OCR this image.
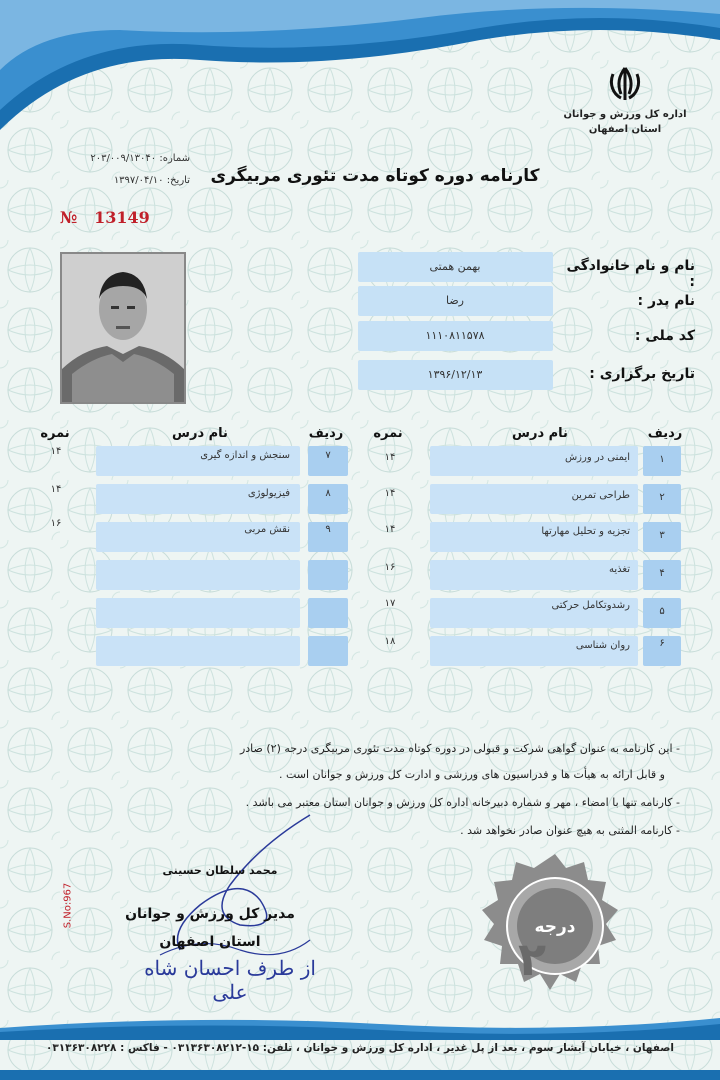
اداره کل ورزش و جوانان
استان اصفهان
کارنامه دوره کوتاه مدت تئوری مربیگری
شماره: ۲۰۳/۰۰۹/۱۳۰۴۰
تاریخ: ۱۳۹۷/۰۴/۱۰
№ 13149
نام و نام خانوادگی :
بهمن همتی
نام پدر :
رضا
کد ملی :
۱۱۱۰۸۱۱۵۷۸
تاریخ برگزاری :
۱۳۹۶/۱۲/۱۳
ردیف
نام درس
نمره
ردیف
نام درس
نمره
۱
ایمنی در ورزش
۱۴
۲
طراحی تمرین
۱۴
۳
تجزیه و تحلیل مهارتها
۱۴
۴
تغذیه
۱۶
۵
رشدوتکامل حرکتی
۱۷
۶
روان شناسی
۱۸
۷
سنجش و اندازه گیری
۱۴
۸
فیزیولوژی
۱۴
۹
نقش مربی
۱۶
- این کارنامه به عنوان گواهی شرکت و قبولی در دوره کوتاه مدت تئوری مربیگری درجه (۲) صادر
و قابل ارائه به هیأت ها و فدراسیون های ورزشی و ادارت کل ورزش و جوانان است .
- کارنامه تنها با امضاء ، مهر و شماره دبیرخانه اداره کل ورزش و جوانان استان معتبر می باشد .
- کارنامه المثنی به هیچ عنوان صادر نخواهد شد .
محمد سلطان حسینی
مدیر کل ورزش و جوانان
استان اصفهان
از طرف احسان شاه علی
S.No:967	درجه
۲
اصفهان ، خیابان آبشار سوم ، بعد از پل غدیر ، اداره کل ورزش و جوانان ، تلفن: ۱۵-۰۳۱۳۶۳۰۸۲۱۲ - فاکس : ۰۳۱۳۶۳۰۸۲۲۸
